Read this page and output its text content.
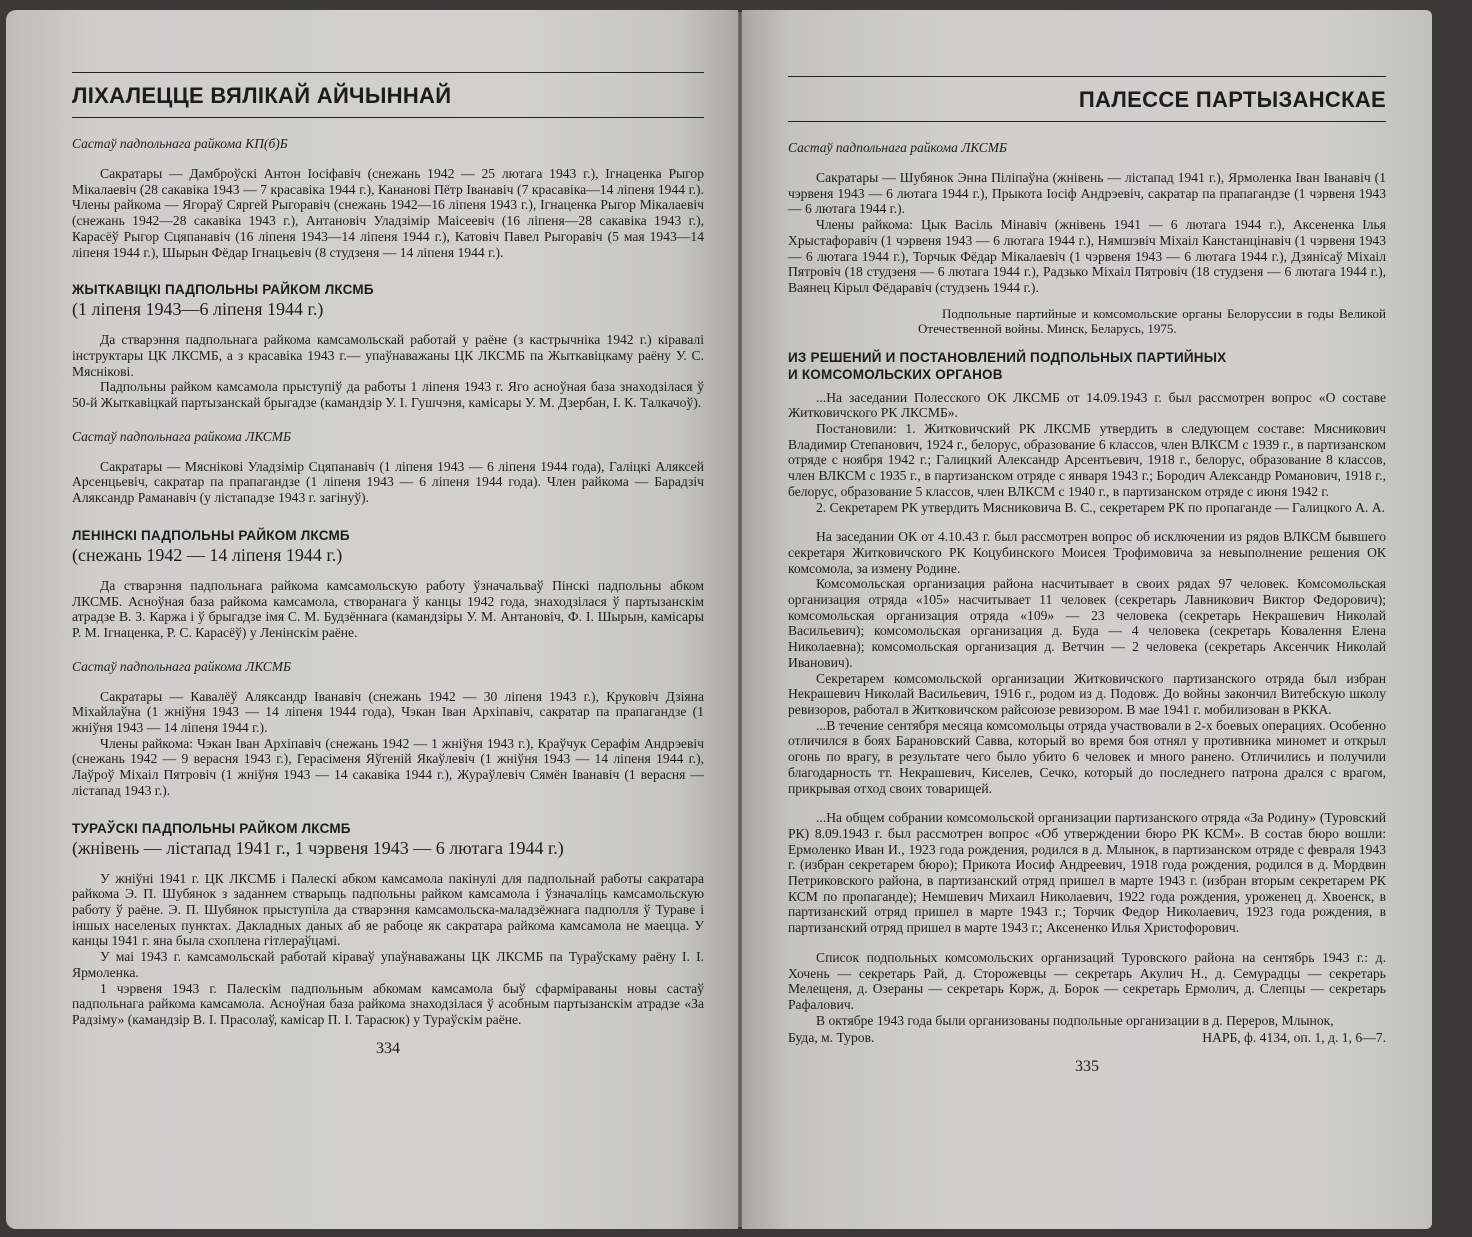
ЛІХАЛЕЦЦЕ ВЯЛІКАЙ АЙЧЫННАЙ
Састаў падпольнага райкома КП(б)Б

Сакратары — Дамброўскі Антон Іосіфавіч (снежань 1942 — 25 лютага 1943 г.), Ігнаценка Рыгор Мікалаевіч (28 сакавіка 1943 — 7 красавіка 1944 г.), Кананові Пётр Іванавіч (7 красавіка—14 ліпеня 1944 г.). Члены райкома — Ягораў Сяргей Рыгоравіч (снежань 1942—16 ліпеня 1943 г.), Ігнаценка Рыгор Мікалаевіч (снежань 1942—28 сакавіка 1943 г.), Антановіч Уладзімір Маісеевіч (16 ліпеня—28 сакавіка 1943 г.), Карасёў Рыгор Сцяпанавіч (16 ліпеня 1943—14 ліпеня 1944 г.), Катовіч Павел Рыгоравіч (5 мая 1943—14 ліпеня 1944 г.), Шырын Фёдар Ігнацьевіч (8 студзеня — 14 ліпеня 1944 г.).

ЖЫТКАВІЦКІ ПАДПОЛЬНЫ РАЙКОМ ЛКСМБ
(1 ліпеня 1943—6 ліпеня 1944 г.)

Да стварэння падпольнага райкома камсамольскай работай у раёне (з кастрычніка 1942 г.) кіравалі інструктары ЦК ЛКСМБ, а з красавіка 1943 г.— упаўнаважаны ЦК ЛКСМБ па Жыткавіцкаму раёну У. С. Мяснікові.

Падпольны райком камсамола прыступіў да работы 1 ліпеня 1943 г. Яго асноўная база знаходзілася ў 50-й Жыткавіцкай партызанскай брыгадзе (камандзір У. І. Гушчэня, камісары У. М. Дзербан, І. К. Талкачоў).

Састаў падпольнага райкома ЛКСМБ

Сакратары — Мяснікові Уладзімір Сцяпанавіч (1 ліпеня 1943 — 6 ліпеня 1944 года), Галіцкі Аляксей Арсенцьевіч, сакратар па прапагандзе (1 ліпеня 1943 — 6 ліпеня 1944 года). Член райкома — Барадзіч Аляксандр Раманавіч (у лістападзе 1943 г. загінуў).

ЛЕНІНСКІ ПАДПОЛЬНЫ РАЙКОМ ЛКСМБ
(снежань 1942 — 14 ліпеня 1944 г.)

Да стварэння падпольнага райкома камсамольскую работу ўзначальваў Пінскі падпольны абком ЛКСМБ. Асноўная база райкома камсамола, створанага ў канцы 1942 года, знаходзілася ў партызанскім атрадзе В. З. Каржа і ў брыгадзе імя С. М. Будзённага (камандзіры У. М. Антановіч, Ф. І. Шырын, камісары Р. М. Ігнаценка, Р. С. Карасёў) у Ленінскім раёне.

Састаў падпольнага райкома ЛКСМБ

Сакратары — Кавалёў Аляксандр Іванавіч (снежань 1942 — 30 ліпеня 1943 г.), Круковіч Дзіяна Міхайлаўна (1 жніўня 1943 — 14 ліпеня 1944 года), Чэкан Іван Архіпавіч, сакратар па прапагандзе (1 жніўня 1943 — 14 ліпеня 1944 г.).

Члены райкома: Чэкан Іван Архіпавіч (снежань 1942 — 1 жніўня 1943 г.), Краўчук Серафім Андрэевіч (снежань 1942 — 9 верасня 1943 г.), Герасіменя Яўгеній Якаўлевіч (1 жніўня 1943 — 14 ліпеня 1944 г.), Лаўроў Міхаіл Пятровіч (1 жніўня 1943 — 14 сакавіка 1944 г.), Жураўлевіч Сямён Іванавіч (1 верасня — лістапад 1943 г.).

ТУРАЎСКІ ПАДПОЛЬНЫ РАЙКОМ ЛКСМБ
(жнівень — лістапад 1941 г., 1 чэрвеня 1943 — 6 лютага 1944 г.)

У жніўні 1941 г. ЦК ЛКСМБ і Палескі абком камсамола пакінулі для падпольнай работы сакратара райкома Э. П. Шубянок з заданнем стварыць падпольны райком камсамола і ўзначаліць камсамольскую работу ў раёне. Э. П. Шубянок прыступіла да стварэння камсамольска-маладзёжнага падполля ў Тураве і іншых населеных пунктах. Дакладных даных аб яе рабоце як сакратара райкома камсамола не маецца. У канцы 1941 г. яна была схоплена гітлераўцамі.

У маі 1943 г. камсамольскай работай кіраваў упаўнаважаны ЦК ЛКСМБ па Тураўскаму раёну І. І. Ярмоленка.

1 чэрвеня 1943 г. Палескім падпольным абкомам камсамола быў сфарміраваны новы састаў падпольнага райкома камсамола. Асноўная база райкома знаходзілася ў асобным партызанскім атрадзе «За Радзіму» (камандзір В. І. Прасолаў, камісар П. І. Тарасюк) у Тураўскім раёне.

334
ПАЛЕССЕ ПАРТЫЗАНСКАЕ
Састаў падпольнага райкома ЛКСМБ

Сакратары — Шубянок Энна Піліпаўна (жнівень — лістапад 1941 г.), Ярмоленка Іван Іванавіч (1 чэрвеня 1943 — 6 лютага 1944 г.), Прыкота Іосіф Андрэевіч, сакратар па прапагандзе (1 чэрвеня 1943 — 6 лютага 1944 г.).

Члены райкома: Цык Васіль Мінавіч (жнівень 1941 — 6 лютага 1944 г.), Аксененка Ілья Хрыстафоравіч (1 чэрвеня 1943 — 6 лютага 1944 г.), Нямшэвіч Міхаіл Канстанцінавіч (1 чэрвеня 1943 — 6 лютага 1944 г.), Торчык Фёдар Мікалаевіч (1 чэрвеня 1943 — 6 лютага 1944 г.), Дзянісаў Міхаіл Пятровіч (18 студзеня — 6 лютага 1944 г.), Радзько Міхаіл Пятровіч (18 студзеня — 6 лютага 1944 г.), Ваянец Кірыл Фёдаравіч (студзень 1944 г.).

Подпольные партийные и комсомольские органы Белоруссии в годы Великой Отечественной войны. Минск, Беларусь, 1975.
ИЗ РЕШЕНИЙ И ПОСТАНОВЛЕНИЙ ПОДПОЛЬНЫХ ПАРТИЙНЫХ
И КОМСОМОЛЬСКИХ ОРГАНОВ

...На заседании Полесского ОК ЛКСМБ от 14.09.1943 г. был рассмотрен вопрос «О составе Житковичского РК ЛКСМБ».

Постановили: 1. Житковичский РК ЛКСМБ утвердить в следующем составе: Мясникович Владимир Степанович, 1924 г., белорус, образование 6 классов, член ВЛКСМ с 1939 г., в партизанском отряде с ноября 1942 г.; Галицкий Александр Арсентьевич, 1918 г., белорус, образование 8 классов, член ВЛКСМ с 1935 г., в партизанском отряде с января 1943 г.; Бородич Александр Романович, 1918 г., белорус, образование 5 классов, член ВЛКСМ с 1940 г., в партизанском отряде с июня 1942 г.

2. Секретарем РК утвердить Мясниковича В. С., секретарем РК по пропаганде — Галицкого А. А.

На заседании ОК от 4.10.43 г. был рассмотрен вопрос об исключении из рядов ВЛКСМ бывшего секретаря Житковичского РК Коцубинского Моисея Трофимовича за невыполнение решения ОК комсомола, за измену Родине.

Комсомольская организация района насчитывает в своих рядах 97 человек. Комсомольская организация отряда «105» насчитывает 11 человек (секретарь Лавникович Виктор Федорович); комсомольская организация отряда «109» — 23 человека (секретарь Некрашевич Николай Васильевич); комсомольская организация д. Буда — 4 человека (секретарь Ковалення Елена Николаевна); комсомольская организация д. Ветчин — 2 человека (секретарь Аксенчик Николай Иванович).

Секретарем комсомольской организации Житковичского партизанского отряда был избран Некрашевич Николай Васильевич, 1916 г., родом из д. Подовж. До войны закончил Витебскую школу ревизоров, работал в Житковичском райсоюзе ревизором. В мае 1941 г. мобилизован в РККА.

...В течение сентября месяца комсомольцы отряда участвовали в 2-х боевых операциях. Особенно отличился в боях Барановский Савва, который во время боя отнял у противника миномет и открыл огонь по врагу, в результате чего было убито 6 человек и много ранено. Отличились и получили благодарность тт. Некрашевич, Киселев, Сечко, который до последнего патрона дрался с врагом, прикрывая отход своих товарищей.

...На общем собрании комсомольской организации партизанского отряда «За Родину» (Туровский РК) 8.09.1943 г. был рассмотрен вопрос «Об утверждении бюро РК КСМ». В состав бюро вошли: Ермоленко Иван И., 1923 года рождения, родился в д. Млынок, в партизанском отряде с февраля 1943 г. (избран секретарем бюро); Прикота Иосиф Андреевич, 1918 года рождения, родился в д. Мордвин Петриковского района, в партизанский отряд пришел в марте 1943 г. (избран вторым секретарем РК КСМ по пропаганде); Немшевич Михаил Николаевич, 1922 года рождения, уроженец д. Хвоенск, в партизанский отряд пришел в марте 1943 г.; Торчик Федор Николаевич, 1923 года рождения, в партизанский отряд пришел в марте 1943 г.; Аксененко Илья Христофорович.

Список подпольных комсомольских организаций Туровского района на сентябрь 1943 г.: д. Хочень — секретарь Рай, д. Сторожевцы — секретарь Акулич Н., д. Семурадцы — секретарь Мелещеня, д. Озераны — секретарь Корж, д. Борок — секретарь Ермолич, д. Слепцы — секретарь Рафалович.

В октябре 1943 года были организованы подпольные организации в д. Переров, Млынок,

Буда, м. Туров.	НАРБ, ф. 4134, оп. 1, д. 1, 6—7.
335
